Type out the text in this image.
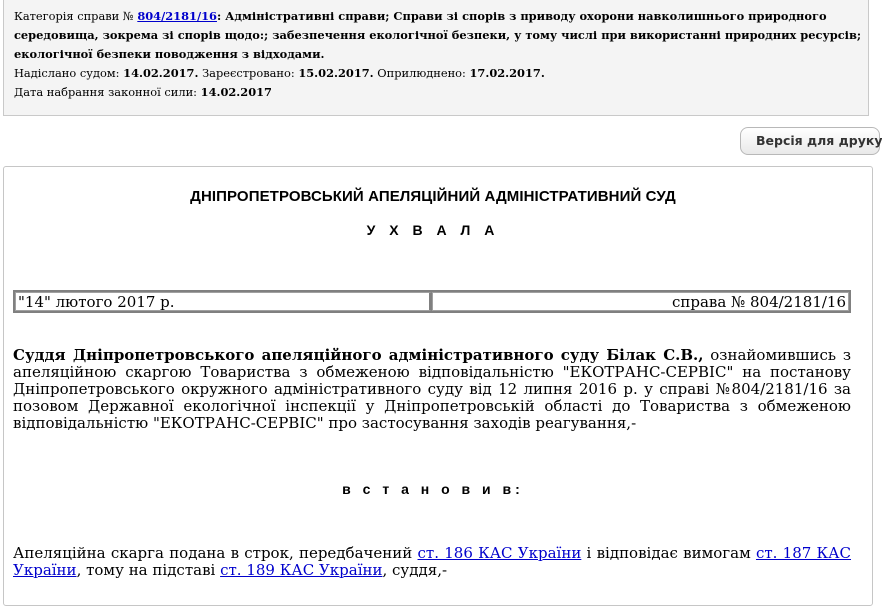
Категорія справи № 804/2181/16: Адміністративні справи; Справи зі спорів з приводу охорони навколишнього природного середовища, зокрема зі спорів щодо:; забезпечення екологічної безпеки, у тому числі при використанні природних ресурсів; екологічної безпеки поводження з відходами.
Надіслано судом: 14.02.2017. Зареєстровано: 15.02.2017. Оприлюднено: 17.02.2017.
Дата набрання законної сили: 14.02.2017
Версія для друку
ДНІПРОПЕТРОВСЬКИЙ АПЕЛЯЦІЙНИЙ АДМІНІСТРАТИВНИЙ СУД
У Х В А Л А
"14" лютого 2017 р.	справа № 804/2181/16
Суддя Дніпропетровського апеляційного адміністративного суду Білак С.В., ознайомившись з апеляційною скаргою Товариства з обмеженою відповідальністю "ЕКОТРАНС-СЕРВІС" на постанову Дніпропетровського окружного адміністративного суду від 12 липня 2016 р. у справі №804/2181/16 за позовом Державної екологічної інспекції у Дніпропетровській області до Товариства з обмеженою відповідальністю "ЕКОТРАНС-СЕРВІС" про застосування заходів реагування,-
в с т а н о в и в:
Апеляційна скарга подана в строк, передбачений ст. 186 КАС України і відповідає вимогам ст. 187 КАС України, тому на підставі ст. 189 КАС України, суддя,-
